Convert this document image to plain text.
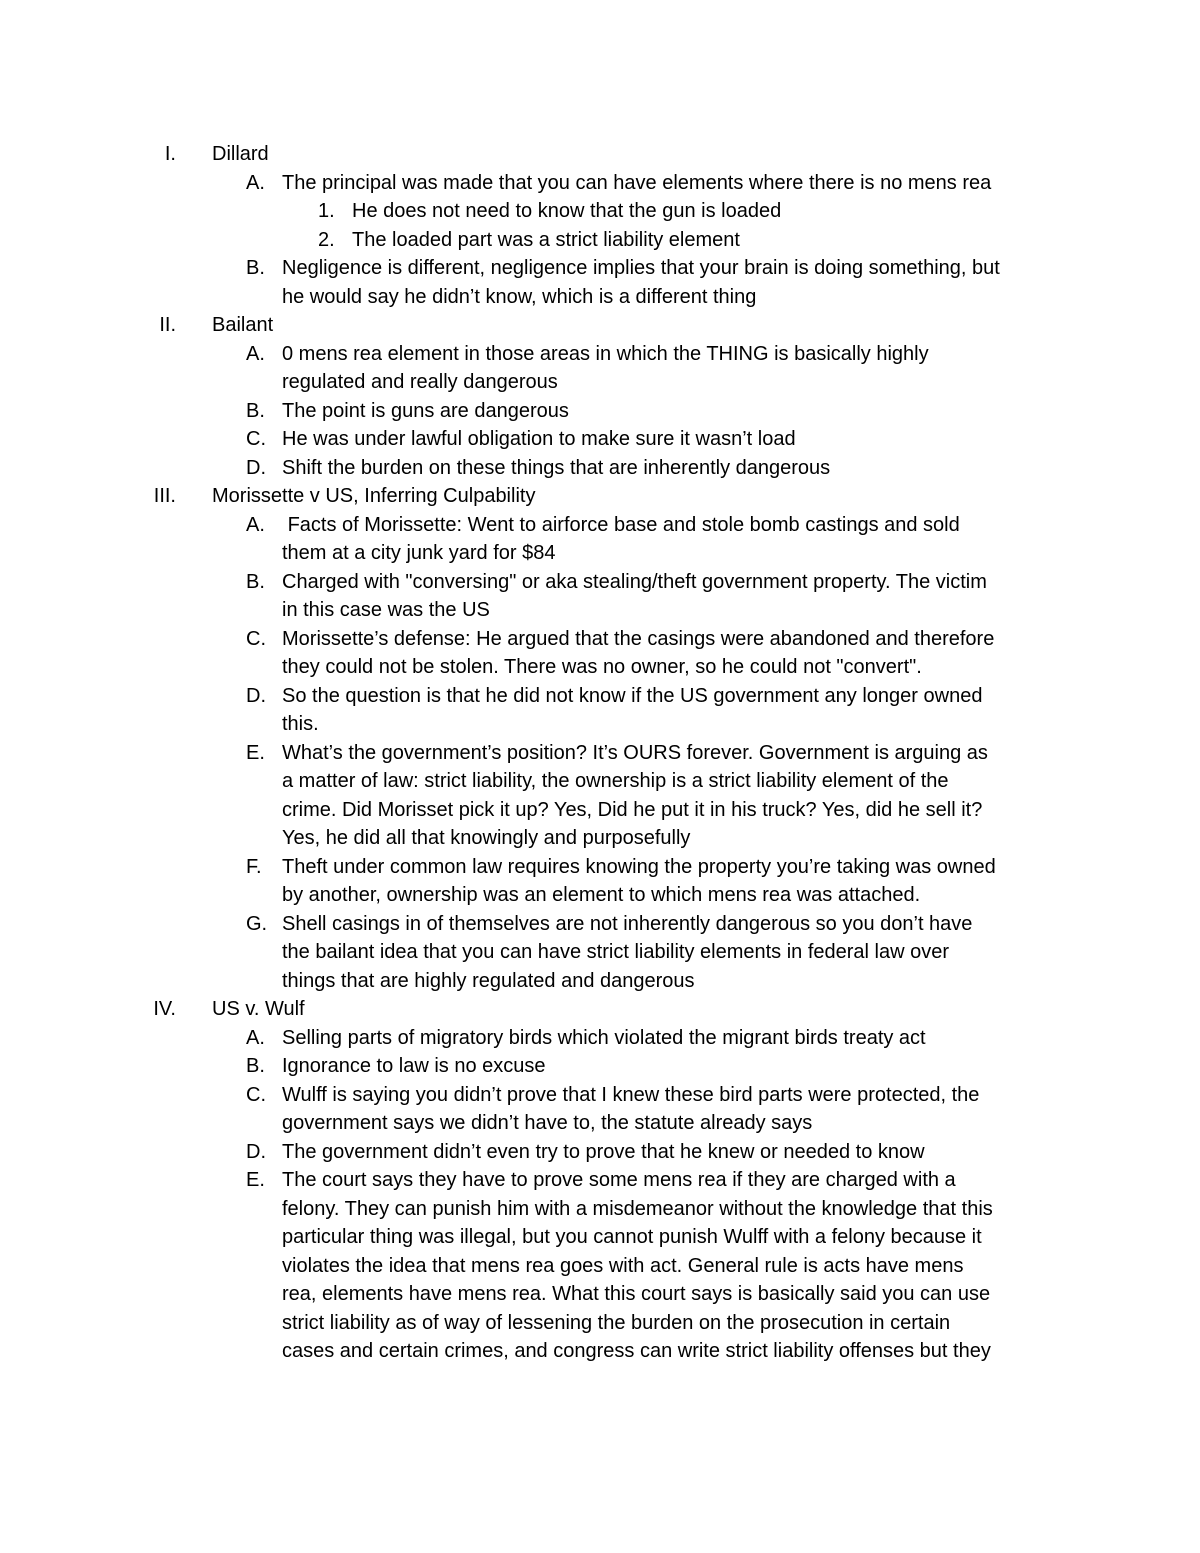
I.	Dillard
A. The principal was made that you can have elements where there is no mens rea
1. He does not need to know that the gun is loaded
2. The loaded part was a strict liability element
B. Negligence is different, negligence implies that your brain is doing something, but
he would say he didn’t know, which is a different thing
II.	Bailant
A. 0 mens rea element in those areas in which the THING is basically highly
regulated and really dangerous
B. The point is guns are dangerous
C. He was under lawful obligation to make sure it wasn’t load
D. Shift the burden on these things that are inherently dangerous
III.	Morissette v US, Inferring Culpability
A.	Facts of Morissette: Went to airforce base and stole bomb castings and sold
them at a city junk yard for $84
B. Charged with "conversing" or aka stealing/theft government property. The victim
in this case was the US
C. Morissette’s defense: He argued that the casings were abandoned and therefore
they could not be stolen. There was no owner, so he could not "convert".
D. So the question is that he did not know if the US government any longer owned
this.
E. What’s the government’s position? It’s OURS forever. Government is arguing as
a matter of law: strict liability, the ownership is a strict liability element of the
crime. Did Morisset pick it up? Yes, Did he put it in his truck? Yes, did he sell it?
Yes, he did all that knowingly and purposefully
F.	Theft under common law requires knowing the property you’re taking was owned
by another, ownership was an element to which mens rea was attached.
G. Shell casings in of themselves are not inherently dangerous so you don’t have
the bailant idea that you can have strict liability elements in federal law over
things that are highly regulated and dangerous
IV.	US v. Wulf
A. Selling parts of migratory birds which violated the migrant birds treaty act
B. Ignorance to law is no excuse
C. Wulff is saying you didn’t prove that I knew these bird parts were protected, the
government says we didn’t have to, the statute already says
D. The government didn’t even try to prove that he knew or needed to know
E. The court says they have to prove some mens rea if they are charged with a
felony. They can punish him with a misdemeanor without the knowledge that this
particular thing was illegal, but you cannot punish Wulff with a felony because it
violates the idea that mens rea goes with act. General rule is acts have mens
rea, elements have mens rea. What this court says is basically said you can use
strict liability as of way of lessening the burden on the prosecution in certain
cases and certain crimes, and congress can write strict liability offenses but they
